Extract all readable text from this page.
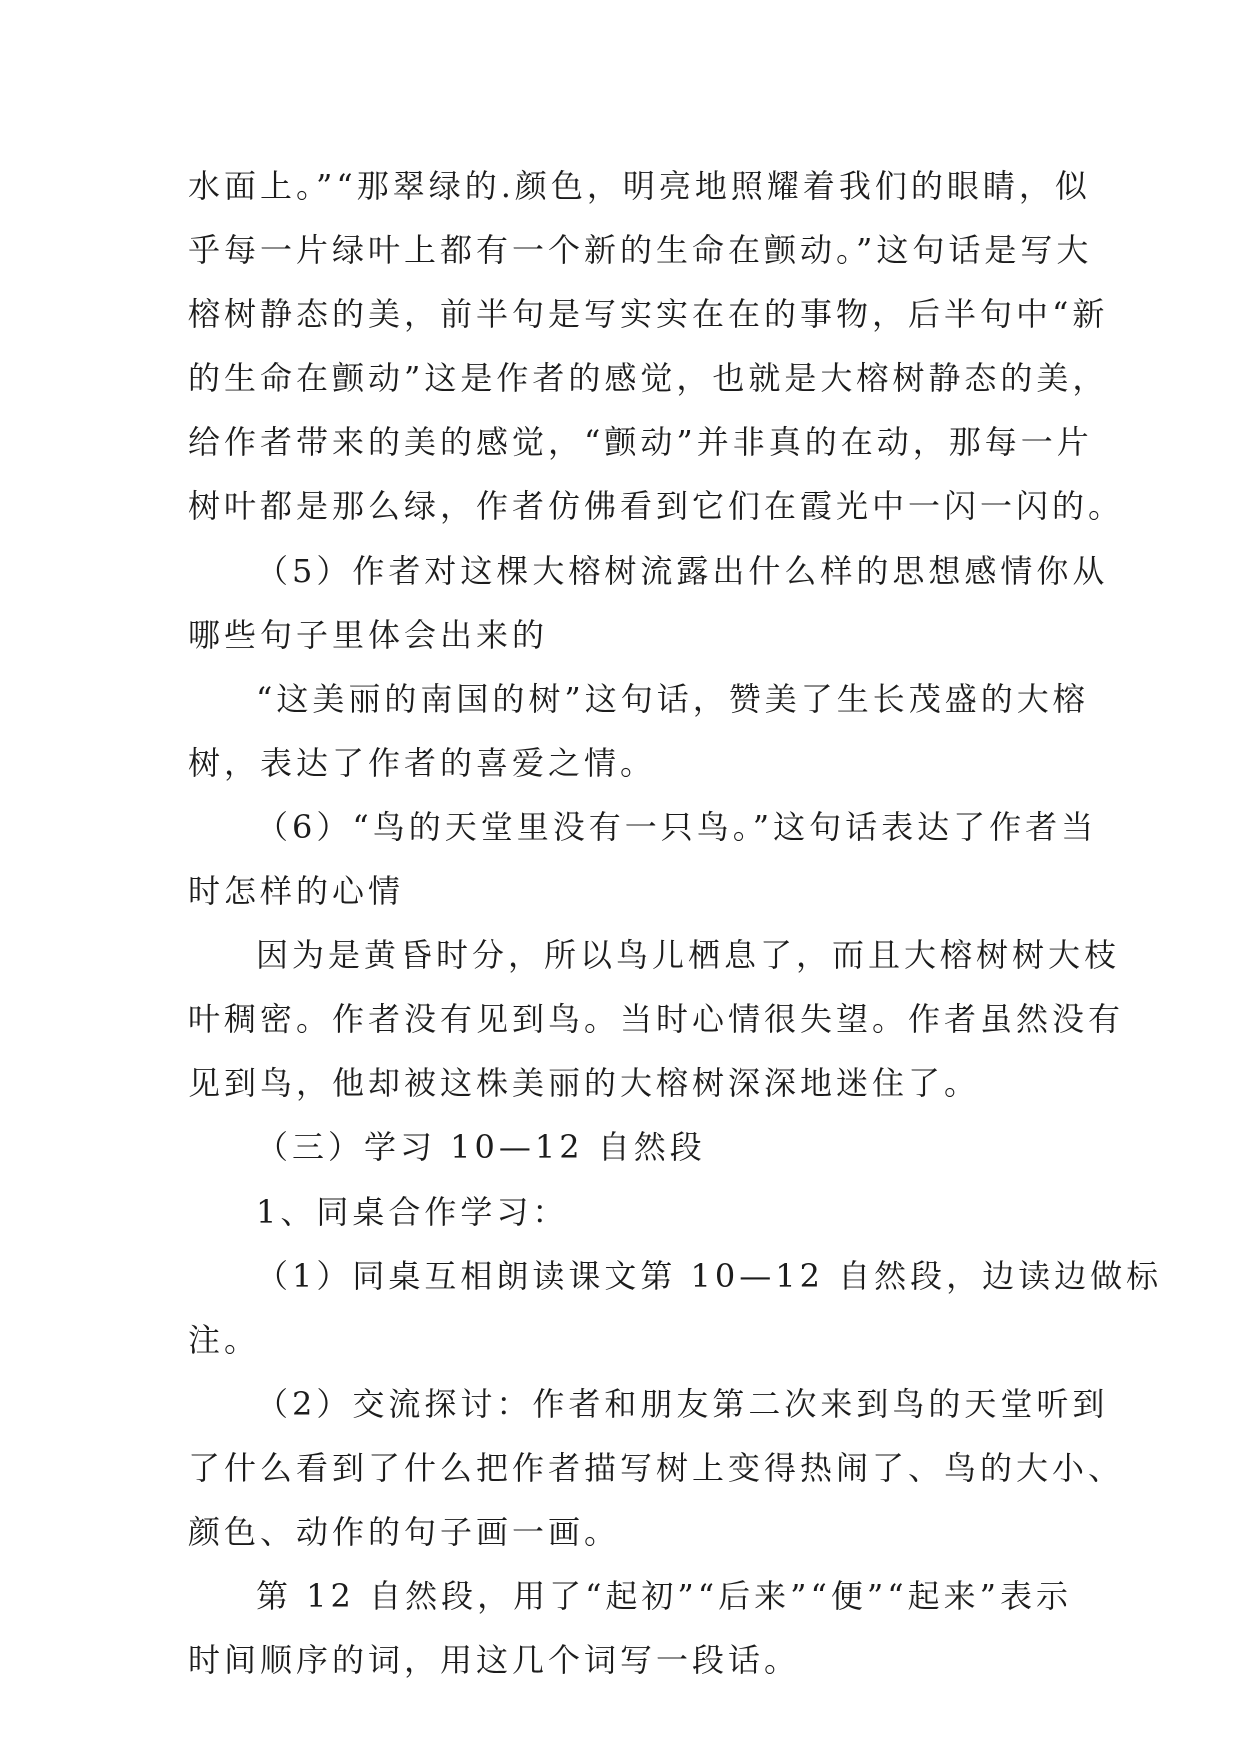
水面上。”“那翠绿的.颜色，明亮地照耀着我们的眼睛，似
乎每一片绿叶上都有一个新的生命在颤动。”这句话是写大
榕树静态的美，前半句是写实实在在的事物，后半句中“新
的生命在颤动”这是作者的感觉，也就是大榕树静态的美，
给作者带来的美的感觉，“颤动”并非真的在动，那每一片
树叶都是那么绿，作者仿佛看到它们在霞光中一闪一闪的。
（5）作者对这棵大榕树流露出什么样的思想感情你从
哪些句子里体会出来的
“这美丽的南国的树”这句话，赞美了生长茂盛的大榕
树，表达了作者的喜爱之情。
（6）“鸟的天堂里没有一只鸟。”这句话表达了作者当
时怎样的心情
因为是黄昏时分，所以鸟儿栖息了，而且大榕树树大枝
叶稠密。作者没有见到鸟。当时心情很失望。作者虽然没有
见到鸟，他却被这株美丽的大榕树深深地迷住了。
（三）学习 10—12 自然段
1、同桌合作学习：
（1）同桌互相朗读课文第 10—12 自然段，边读边做标
注。
（2）交流探讨：作者和朋友第二次来到鸟的天堂听到
了什么看到了什么把作者描写树上变得热闹了、鸟的大小、
颜色、动作的句子画一画。
第 12 自然段，用了“起初”“后来”“便”“起来”表示
时间顺序的词，用这几个词写一段话。
